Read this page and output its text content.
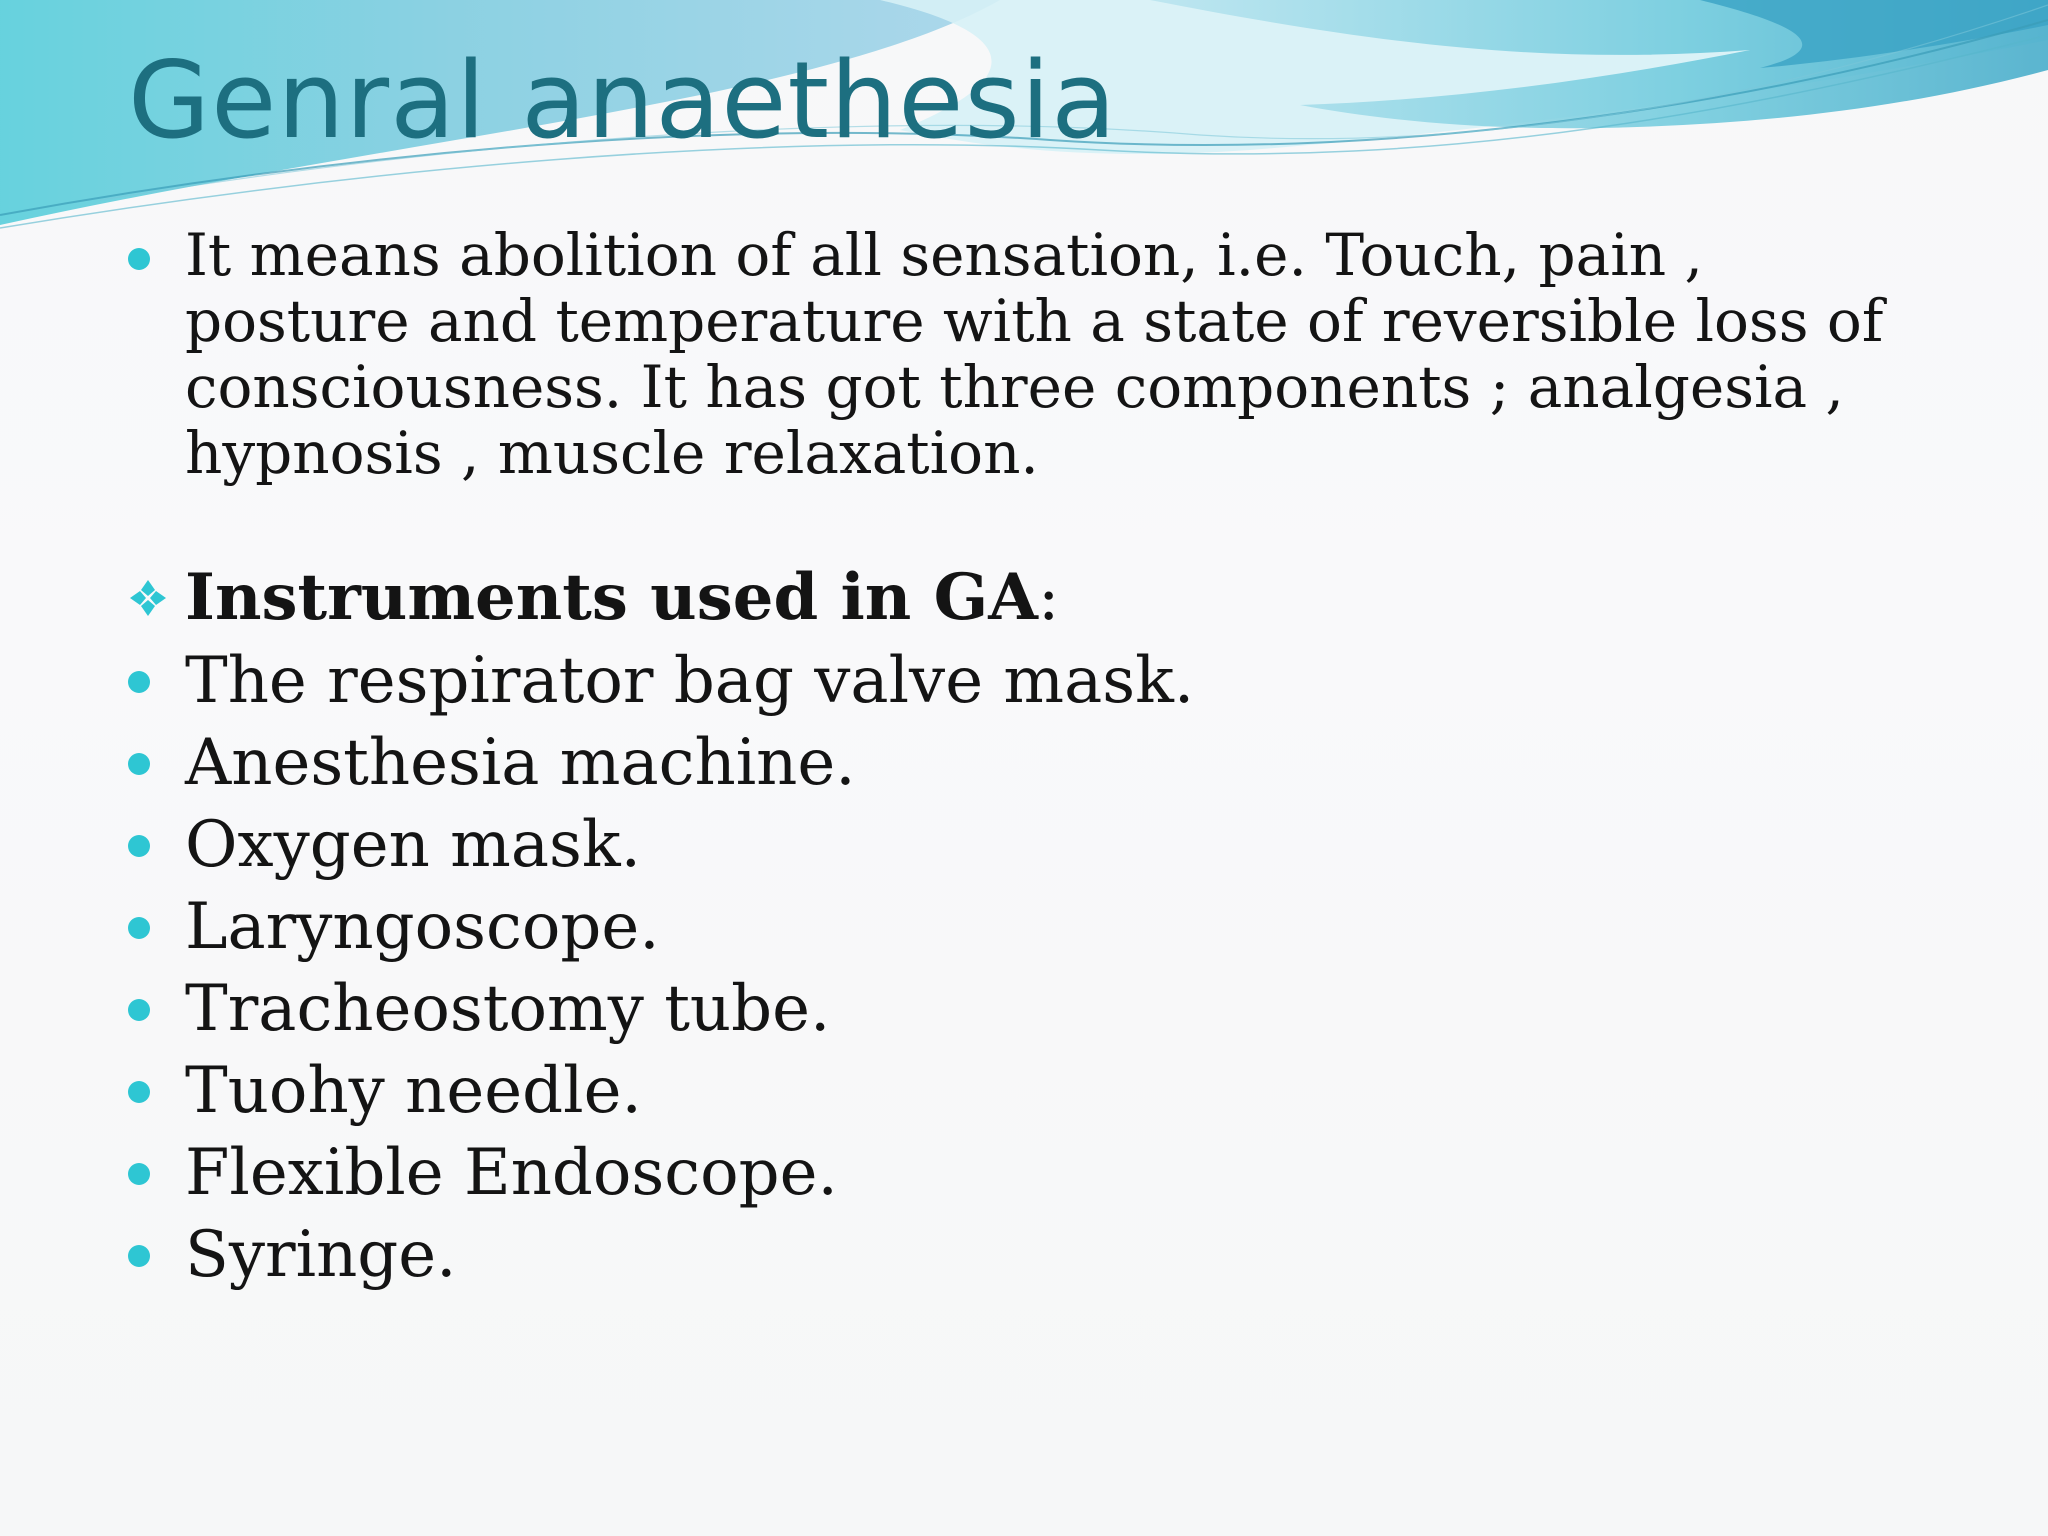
Genral anaethesia
It means abolition of all sensation, i.e. Touch, pain , posture and temperature with a state of reversible loss of consciousness. It has got three components ; analgesia , hypnosis , muscle relaxation.
Instruments used in GA:
The respirator bag valve mask.
Anesthesia machine.
Oxygen mask.
Laryngoscope.
Tracheostomy tube.
Tuohy needle.
Flexible Endoscope.
Syringe.
